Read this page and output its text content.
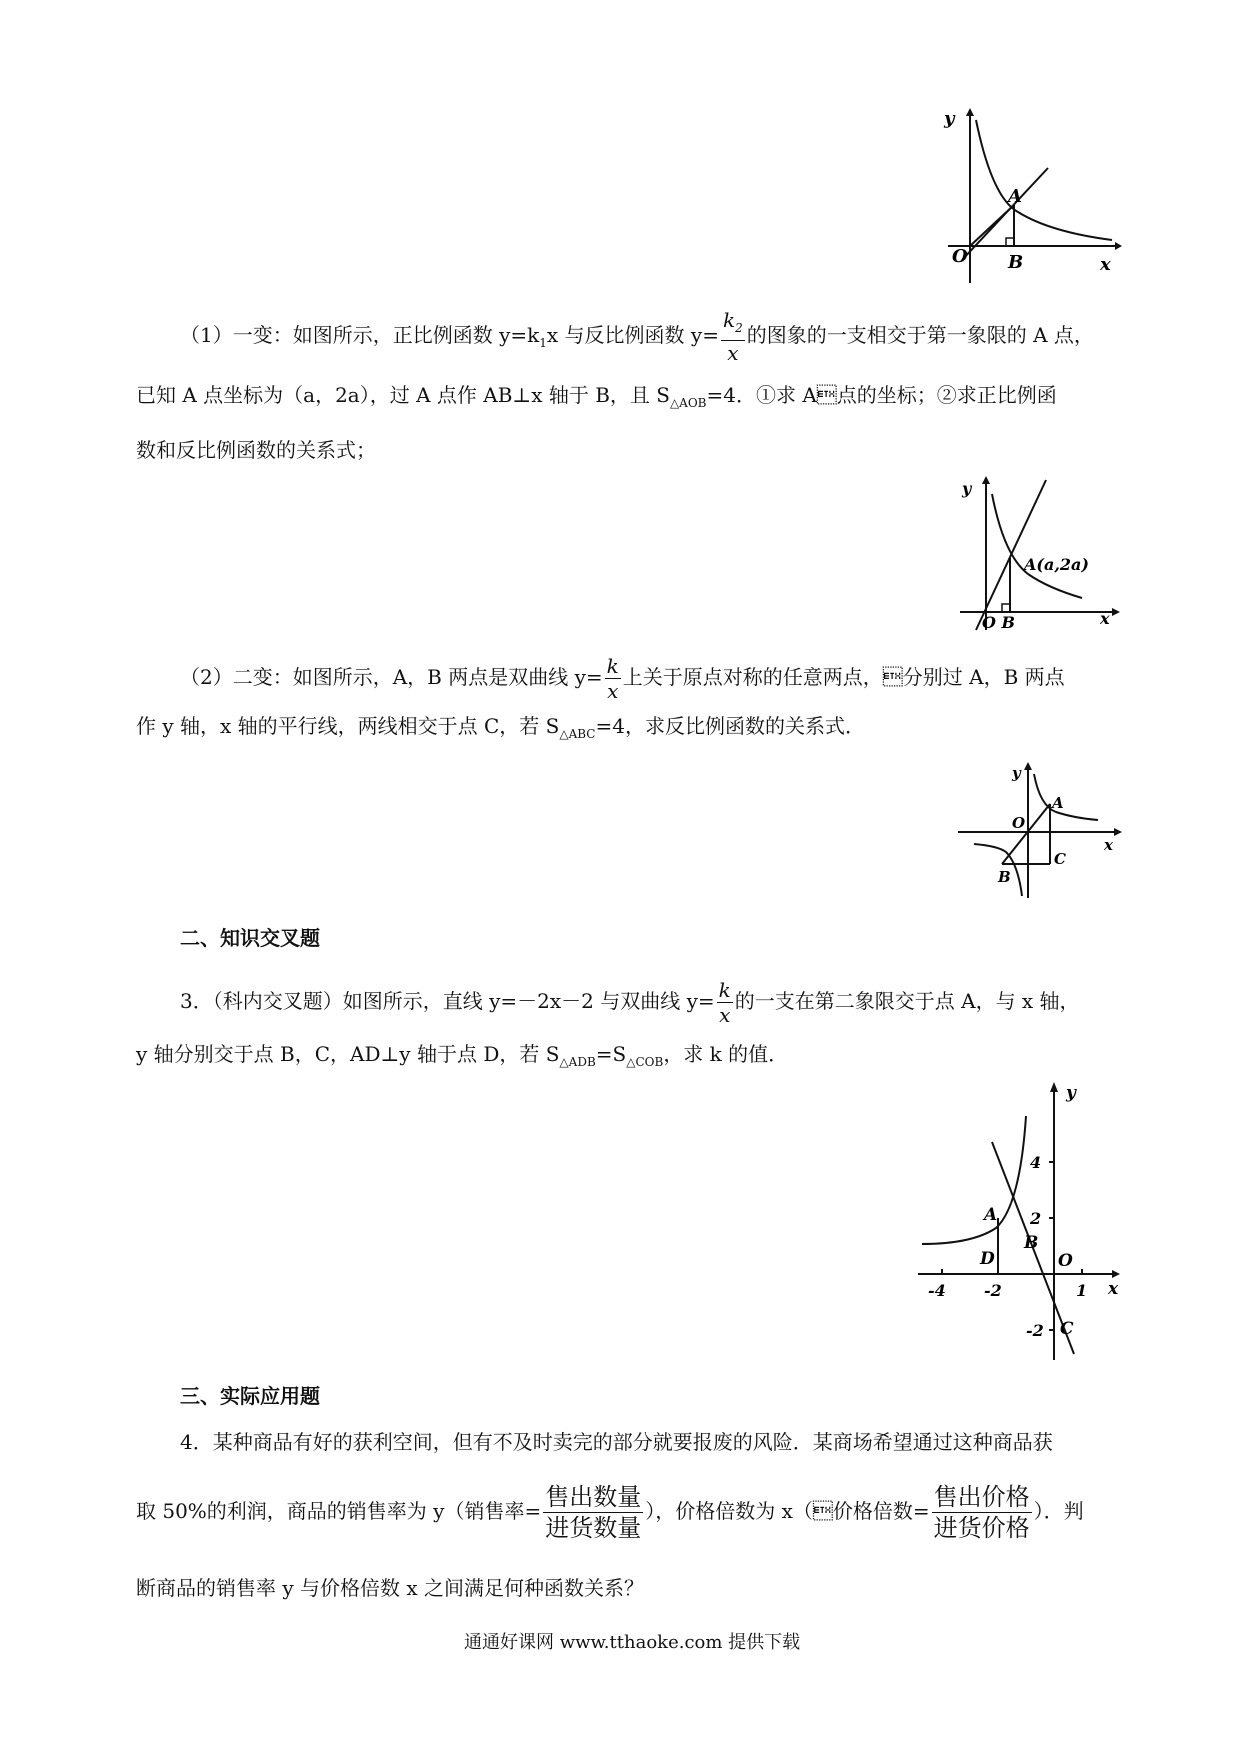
y
x
O
A
B
（1）一变：如图所示，正比例函数 $y=k_1x$ 与反比例函数 $y= \frac{k_2}{x}$ 的图象的一支相交于第一象限的 A 点，
已知 A 点坐标为（a，2a），过 A 点作 AB⊥x 轴于 B，且 $S_{\triangle AOB}=4$．①求 A点的坐标；②求正比例函
数和反比例函数的关系式；
y
x
O B
A(a,2a)
（2）二变：如图所示，A，B 两点是双曲线 $y= \frac{k}{x}$ 上关于原点对称的任意两点，分别过 A，B 两点
作 y 轴，x 轴的平行线，两线相交于点 C，若 $S_{\triangle ABC}=4$，求反比例函数的关系式．
y
x
O
A
B
C
二、知识交叉题
3．（科内交叉题）如图所示，直线 y=－2x－2 与双曲线 $y= \frac{k}{x}$ 的一支在第二象限交于点 A，与 x 轴，
y 轴分别交于点 B，C，AD⊥y 轴于点 D，若 $S_{\triangle ADB}=S_{\triangle COB}$，求 k 的值．
y
x
O
A
B
C
D
4
2
-2
-4 -2	1
三、实际应用题
4．某种商品有好的获利空间，但有不及时卖完的部分就要报废的风险．某商场希望通过这种商品获
取 50%的利润，商品的销售率为 y（销售率= $\frac{\text{售出数量}}{\text{进货数量}}$ ），价格倍数为 x（价格倍数= $\frac{\text{售出价格}}{\text{进货价格}}$ ）．判
断商品的销售率 y 与价格倍数 x 之间满足何种函数关系？
通通好课网 www.tthaoke.com 提供下载
